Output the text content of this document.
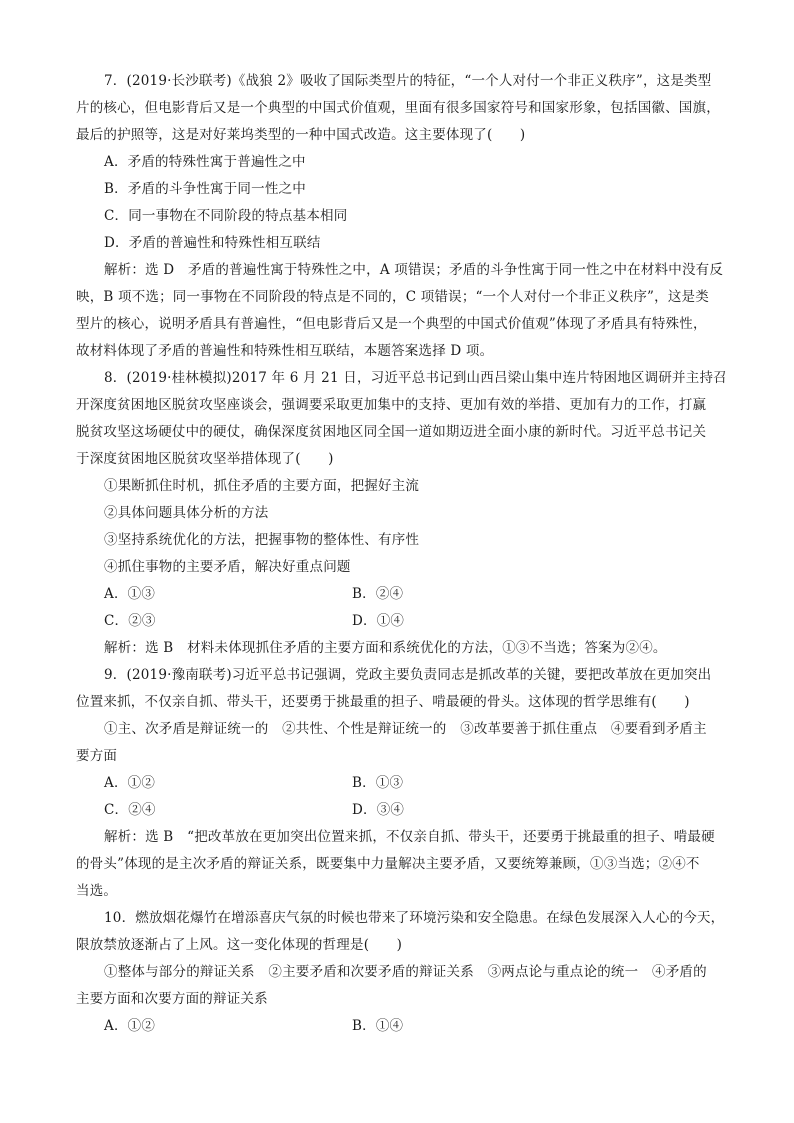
7．(2019·长沙联考)《战狼 2》吸收了国际类型片的特征，“一个人对付一个非正义秩序”，这是类型
片的核心，但电影背后又是一个典型的中国式价值观，里面有很多国家符号和国家形象，包括国徽、国旗，
最后的护照等，这是对好莱坞类型的一种中国式改造。这主要体现了(　　)
A．矛盾的特殊性寓于普遍性之中
B．矛盾的斗争性寓于同一性之中
C．同一事物在不同阶段的特点基本相同
D．矛盾的普遍性和特殊性相互联结
解析：选 D　矛盾的普遍性寓于特殊性之中，A 项错误；矛盾的斗争性寓于同一性之中在材料中没有反
映，B 项不选；同一事物在不同阶段的特点是不同的，C 项错误；“一个人对付一个非正义秩序”，这是类
型片的核心，说明矛盾具有普遍性，“但电影背后又是一个典型的中国式价值观”体现了矛盾具有特殊性，
故材料体现了矛盾的普遍性和特殊性相互联结，本题答案选择 D 项。
8．(2019·桂林模拟)2017 年 6 月 21 日，习近平总书记到山西吕梁山集中连片特困地区调研并主持召
开深度贫困地区脱贫攻坚座谈会，强调要采取更加集中的支持、更加有效的举措、更加有力的工作，打赢
脱贫攻坚这场硬仗中的硬仗，确保深度贫困地区同全国一道如期迈进全面小康的新时代。习近平总书记关
于深度贫困地区脱贫攻坚举措体现了(　　)
①果断抓住时机，抓住矛盾的主要方面，把握好主流
②具体问题具体分析的方法
③坚持系统优化的方法，把握事物的整体性、有序性
④抓住事物的主要矛盾，解决好重点问题
A．①③	B．②④
C．②③	D．①④
解析：选 B　材料未体现抓住矛盾的主要方面和系统优化的方法，①③不当选；答案为②④。
9．(2019·豫南联考)习近平总书记强调，党政主要负责同志是抓改革的关键，要把改革放在更加突出
位置来抓，不仅亲自抓、带头干，还要勇于挑最重的担子、啃最硬的骨头。这体现的哲学思维有(　　)
①主、次矛盾是辩证统一的　②共性、个性是辩证统一的　③改革要善于抓住重点　④要看到矛盾主
要方面
A．①②	B．①③
C．②④	D．③④
解析：选 B　“把改革放在更加突出位置来抓，不仅亲自抓、带头干，还要勇于挑最重的担子、啃最硬
的骨头”体现的是主次矛盾的辩证关系，既要集中力量解决主要矛盾，又要统筹兼顾，①③当选；②④不
当选。
10．燃放烟花爆竹在增添喜庆气氛的时候也带来了环境污染和安全隐患。在绿色发展深入人心的今天，
限放禁放逐渐占了上风。这一变化体现的哲理是(　　)
①整体与部分的辩证关系　②主要矛盾和次要矛盾的辩证关系　③两点论与重点论的统一　④矛盾的
主要方面和次要方面的辩证关系
A．①②	B．①④
